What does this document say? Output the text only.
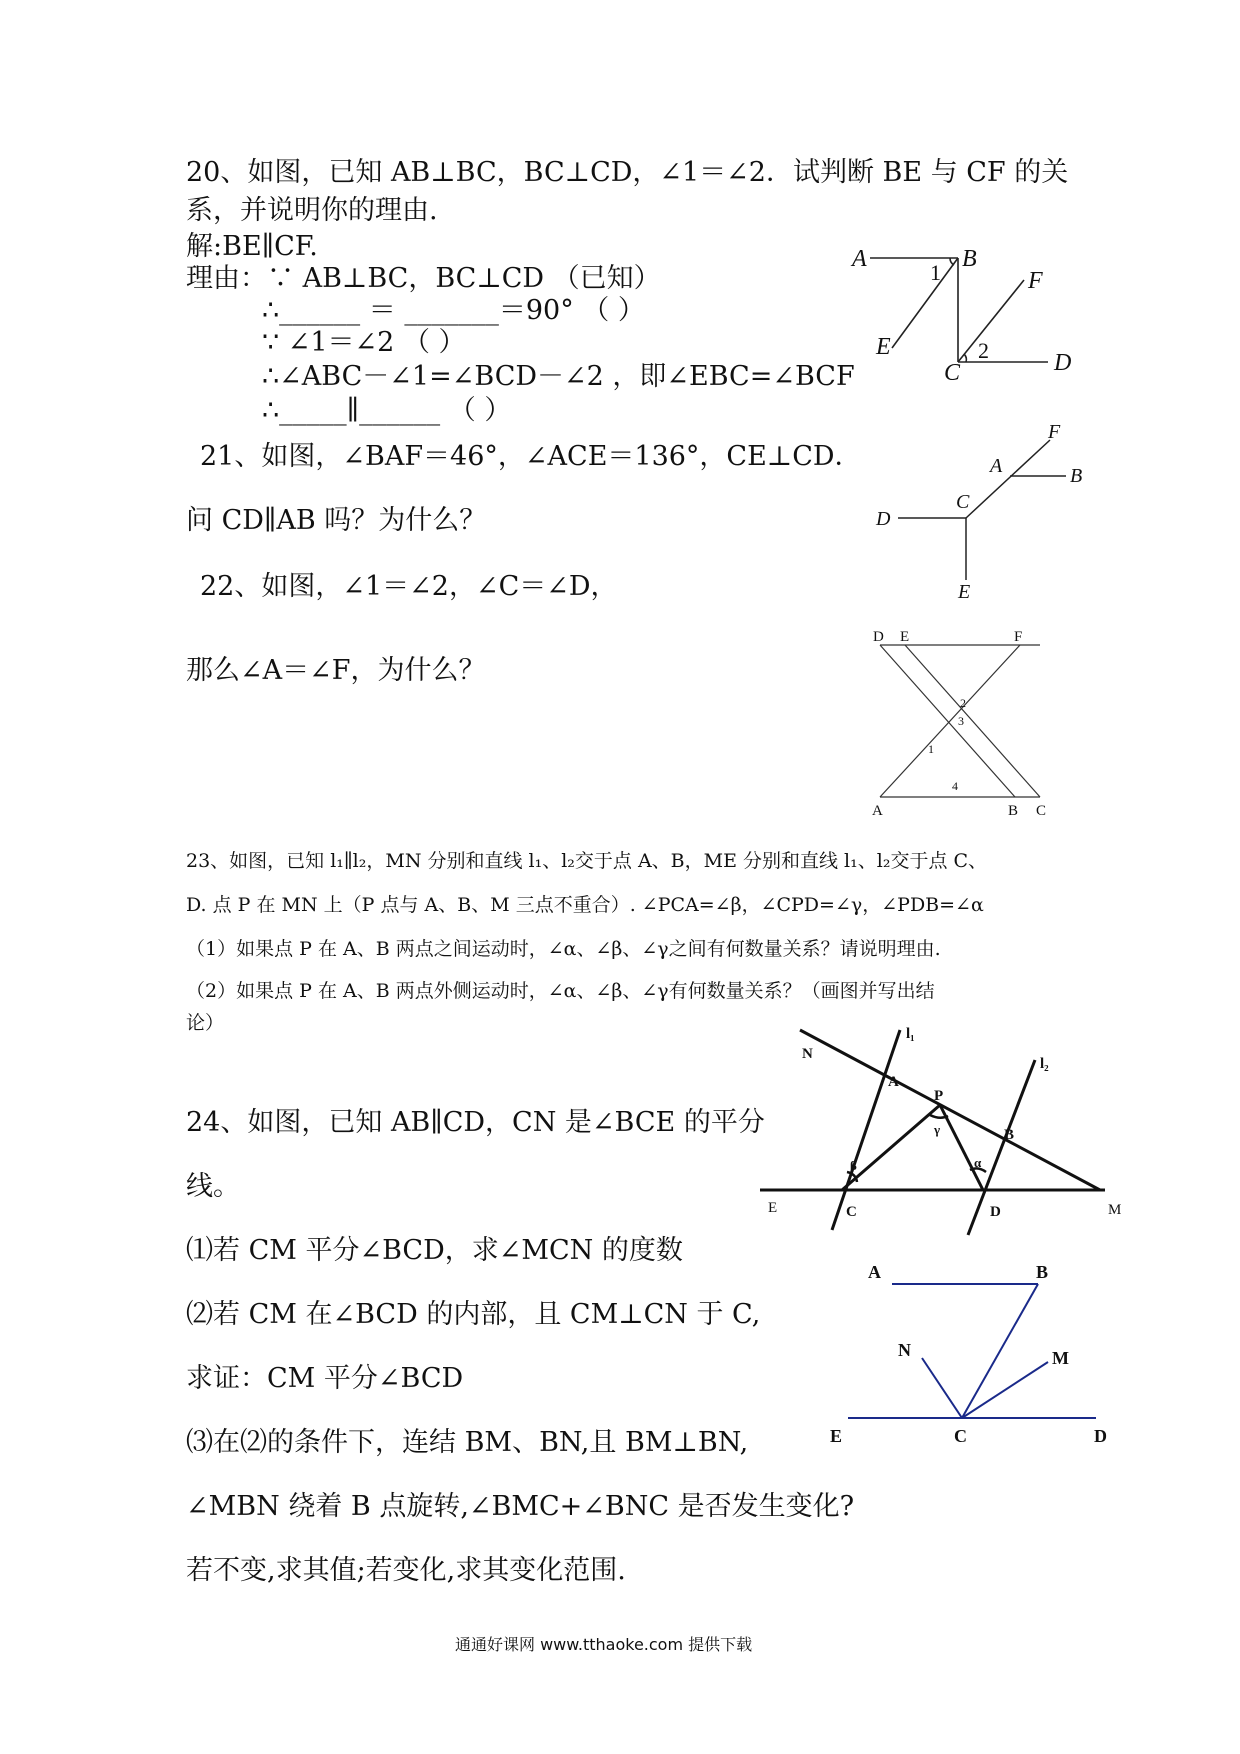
20、如图，已知 AB⊥BC，BC⊥CD，∠1＝∠2．试判断 BE 与 CF 的关
系，并说明你的理由.
解:BE∥CF.
理由：∵ AB⊥BC，BC⊥CD （已知）
∴______ ＝ _______＝90° （ ）
∵ ∠1＝∠2 （ ）
∴∠ABC－∠1=∠BCD－∠2 ，即∠EBC=∠BCF
∴_____∥______ （ ）
A	B
F
E
C	D
1
2
21、如图，∠BAF＝46°，∠ACE＝136°，CE⊥CD．
问 CD∥AB 吗？为什么？
F
A	B
D
C
E
22、如图，∠1＝∠2，∠C＝∠D，
那么∠A＝∠F，为什么？
D E	F
A	B C
1
2
3
4
23、如图，已知 l₁∥l₂，MN 分别和直线 l₁、l₂交于点 A、B，ME 分别和直线 l₁、l₂交于点 C、
D. 点 P 在 MN 上（P 点与 A、B、M 三点不重合）. ∠PCA=∠β，∠CPD=∠γ，∠PDB=∠α
（1）如果点 P 在 A、B 两点之间运动时，∠α、∠β、∠γ之间有何数量关系？请说明理由.
（2）如果点 P 在 A、B 两点外侧运动时，∠α、∠β、∠γ有何数量关系？（画图并写出结
论）
N
l₁
l₂
A
P
B
γ
β	α
E	C	D	M
24、如图，已知 AB∥CD，CN 是∠BCE 的平分
线。
⑴若 CM 平分∠BCD，求∠MCN 的度数
⑵若 CM 在∠BCD 的内部，且 CM⊥CN 于 C,
求证：CM 平分∠BCD
⑶在⑵的条件下，连结 BM、BN,且 BM⊥BN,
∠MBN 绕着 B 点旋转,∠BMC+∠BNC 是否发生变化?
若不变,求其值;若变化,求其变化范围.
A	B
N	M
E	C	D
通通好课网 www.tthaoke.com 提供下载
